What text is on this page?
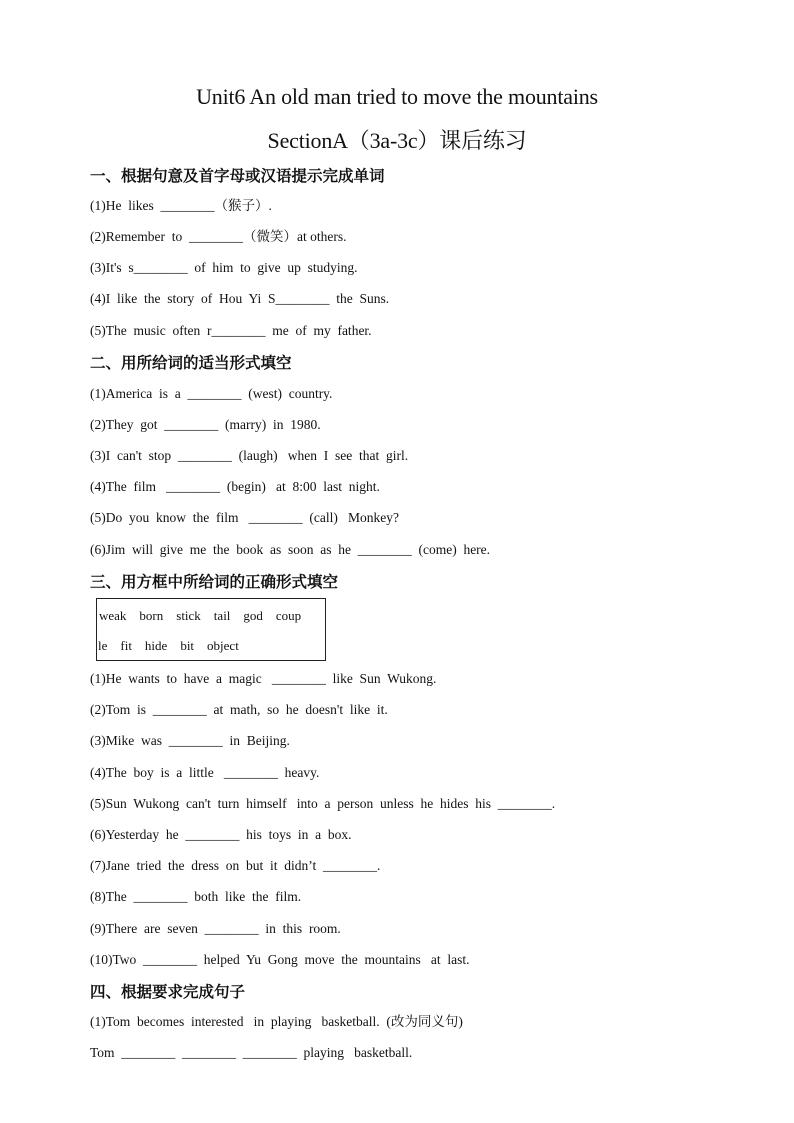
Unit6 An old man tried to move the mountains
SectionA（3a-3c）课后练习
一、根据句意及首字母或汉语提示完成单词
(1)He  likes  ________（猴子）.
(2)Remember  to  ________（微笑）at others.
(3)It's  s________  of  him  to  give  up  studying.
(4)I  like  the  story  of  Hou  Yi  S________  the  Suns.
(5)The  music  often  r________  me  of  my  father.
二、用所给词的适当形式填空
(1)America  is  a  ________  (west)  country.
(2)They  got  ________  (marry)  in  1980.
(3)I  can't  stop  ________  (laugh)   when  I  see  that  girl.
(4)The  film   ________  (begin)   at  8:00  last  night.
(5)Do  you  know  the  film   ________  (call)   Monkey?
(6)Jim  will  give  me  the  book  as  soon  as  he  ________  (come)  here.
三、用方框中所给词的正确形式填空
weak    born    stick    tail    god    coup
le    fit    hide    bit    object
(1)He  wants  to  have  a  magic   ________  like  Sun  Wukong.
(2)Tom  is  ________  at  math,  so  he  doesn't  like  it.
(3)Mike  was  ________  in  Beijing.
(4)The  boy  is  a  little   ________  heavy.
(5)Sun  Wukong  can't  turn  himself   into  a  person  unless  he  hides  his  ________.
(6)Yesterday  he  ________  his  toys  in  a  box.
(7)Jane  tried  the  dress  on  but  it  didn’t  ________.
(8)The  ________  both  like  the  film.
(9)There  are  seven  ________  in  this  room.
(10)Two  ________  helped  Yu  Gong  move  the  mountains   at  last.
四、根据要求完成句子
(1)Tom  becomes  interested   in  playing   basketball.  (改为同义句)
Tom  ________  ________  ________  playing   basketball.
